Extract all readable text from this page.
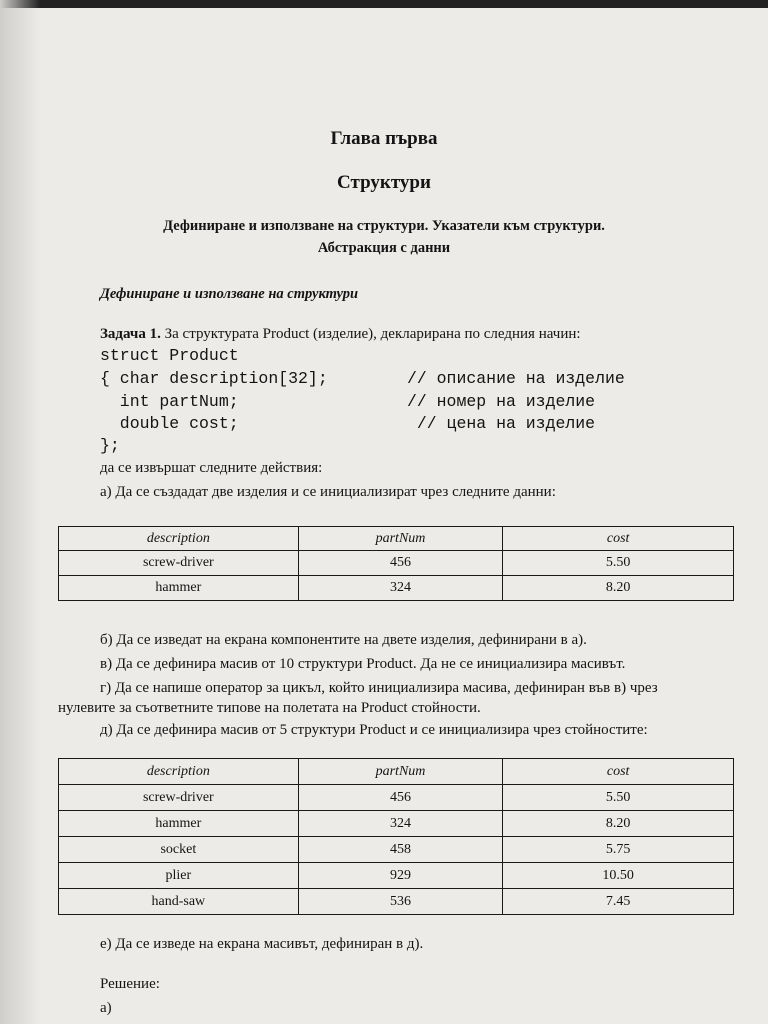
Глава първа
Структури
Дефиниране и използване на структури. Указатели към структури.
Абстракция с данни
Дефиниране и използване на структури
Задача 1. За структурата Product (изделие), декларирана по следния начин:
struct Product
{ char description[32];        // описание на изделие
int partNum;                 // номер на изделие
double cost;                  // цена на изделие
};
да се извършат следните действия:
а) Да се създадат две изделия и се инициализират чрез следните данни:
description	partNum	cost
screw-driver	456	5.50
hammer	324	8.20
б) Да се изведат на екрана компонентите на двете изделия, дефинирани в а).
в) Да се дефинира масив от 10 структури Product. Да не се инициализира масивът.
г) Да се напише оператор за цикъл, който инициализира масива, дефиниран във в) чрез
нулевите за съответните типове на полетата на Product стойности.
д) Да се дефинира масив от 5 структури Product и се инициализира чрез стойностите:
description	partNum	cost
screw-driver	456	5.50
hammer	324	8.20
socket	458	5.75
plier	929	10.50
hand-saw	536	7.45
е) Да се изведе на екрана масивът, дефиниран в д).
Решение:
а)
